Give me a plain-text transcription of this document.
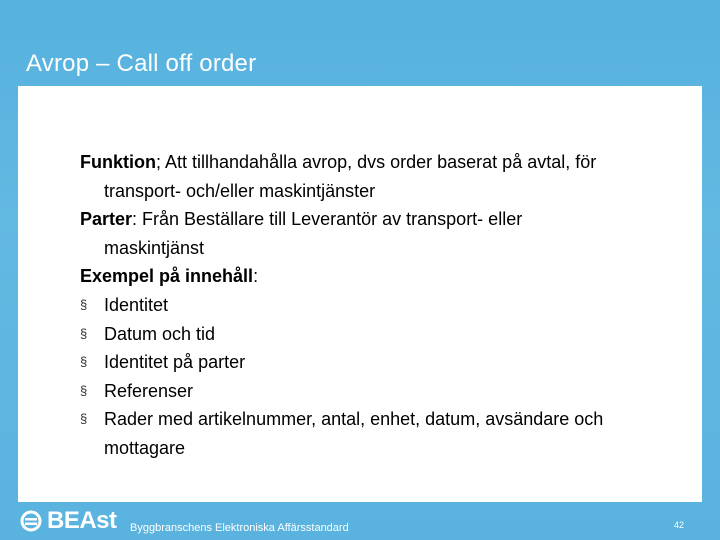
Avrop – Call off order

Funktion; Att tillhandahålla avrop, dvs order baserat på avtal, för

transport- och/eller maskintjänster

Parter: Från Beställare till Leverantör av transport- eller

maskintjänst

Exempel på innehåll:

§ Identitet
§ Datum och tid
§ Identitet på parter
§ Referenser
§ Rader med artikelnummer, antal, enhet, datum, avsändare och

mottagare

BEAst Byggbranschens Elektroniska Affärsstandard	42
